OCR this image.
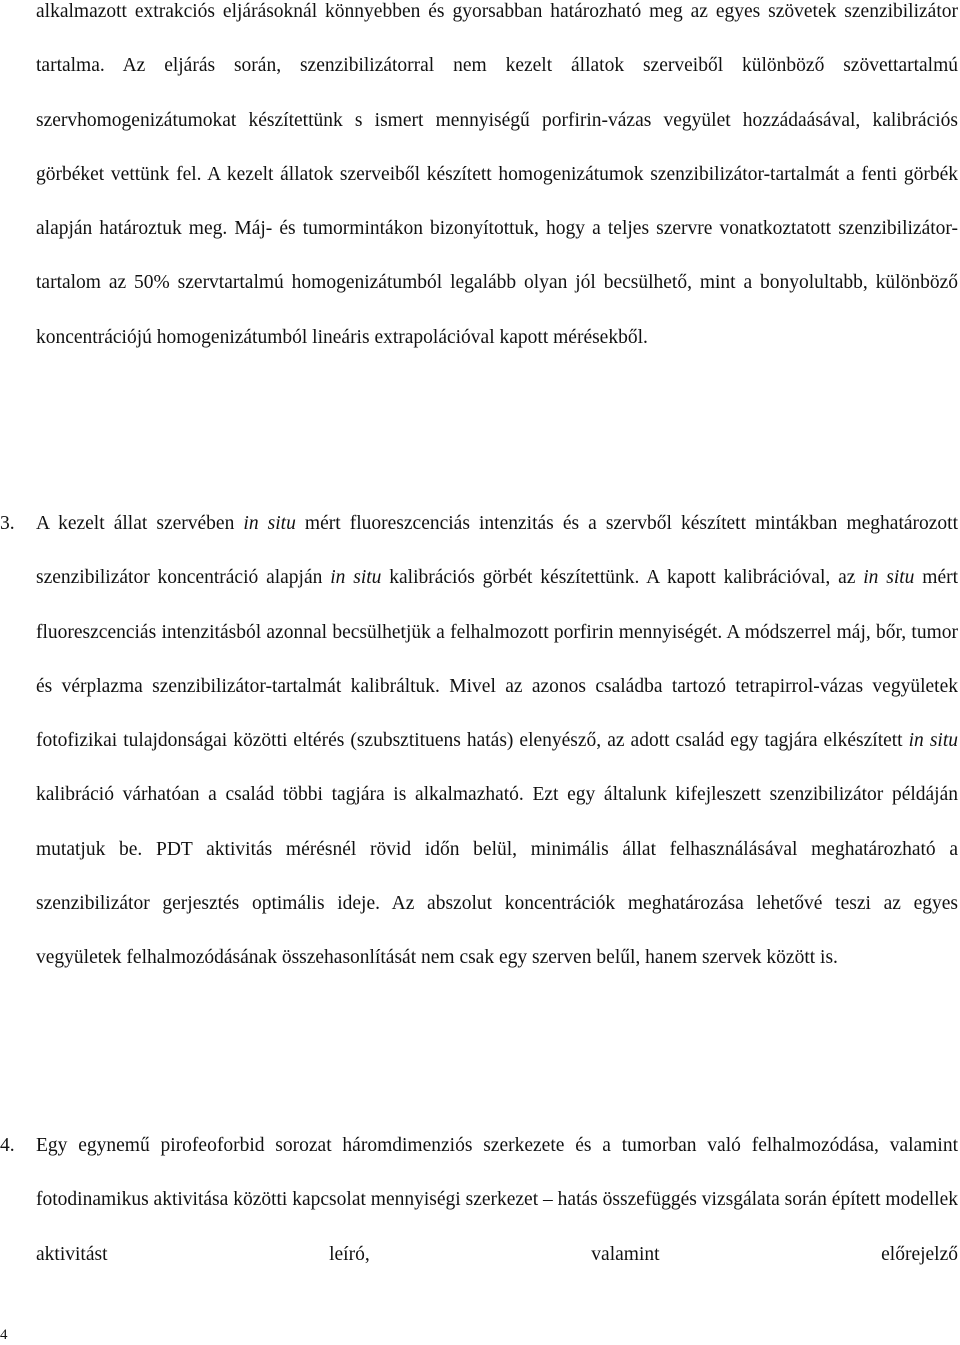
alkalmazott extrakciós eljárásoknál könnyebben és gyorsabban határozható meg az egyes szövetek szenzibilizátor tartalma. Az eljárás során, szenzibilizátorral nem kezelt állatok szerveiből különböző szövettartalmú szervhomogenizátumokat készítettünk s ismert mennyiségű porfirin-vázas vegyület hozzádaásával, kalibrációs görbéket vettünk fel. A kezelt állatok szerveiből készített homogenizátumok szenzibilizátor-tartalmát a fenti görbék alapján határoztuk meg. Máj- és tumormintákon bizonyítottuk, hogy a teljes szervre vonatkoztatott szenzibilizátor-tartalom az 50% szervtartalmú homogenizátumból legalább olyan jól becsülhető, mint a bonyolultabb, különböző koncentrációjú homogenizátumból lineáris extrapolációval kapott mérésekből.

3. A kezelt állat szervében in situ mért fluoreszcenciás intenzitás és a szervből készített mintákban meghatározott szenzibilizátor koncentráció alapján in situ kalibrációs görbét készítettünk. A kapott kalibrációval, az in situ mért fluoreszcenciás intenzitásból azonnal becsülhetjük a felhalmozott porfirin mennyiségét. A módszerrel máj, bőr, tumor és vérplazma szenzibilizátor-tartalmát kalibráltuk. Mivel az azonos családba tartozó tetrapirrol-vázas vegyületek fotofizikai tulajdonságai közötti eltérés (szubsztituens hatás) elenyésző, az adott család egy tagjára elkészített in situ kalibráció várhatóan a család többi tagjára is alkalmazható. Ezt egy általunk kifejleszett szenzibilizátor példáján mutatjuk be. PDT aktivitás mérésnél rövid időn belül, minimális állat felhasználásával meghatározható a szenzibilizátor gerjesztés optimális ideje. Az abszolut koncentrációk meghatározása lehetővé teszi az egyes vegyületek felhalmozódásának összehasonlítását nem csak egy szerven belűl, hanem szervek között is.

4. Egy egynemű pirofeoforbid sorozat háromdimenziós szerkezete és a tumorban való felhalmozódása, valamint fotodinamikus aktivitása közötti kapcsolat mennyiségi szerkezet – hatás összefüggés vizsgálata során épített modellek aktivitást leíró, valamint előrejelző

4
